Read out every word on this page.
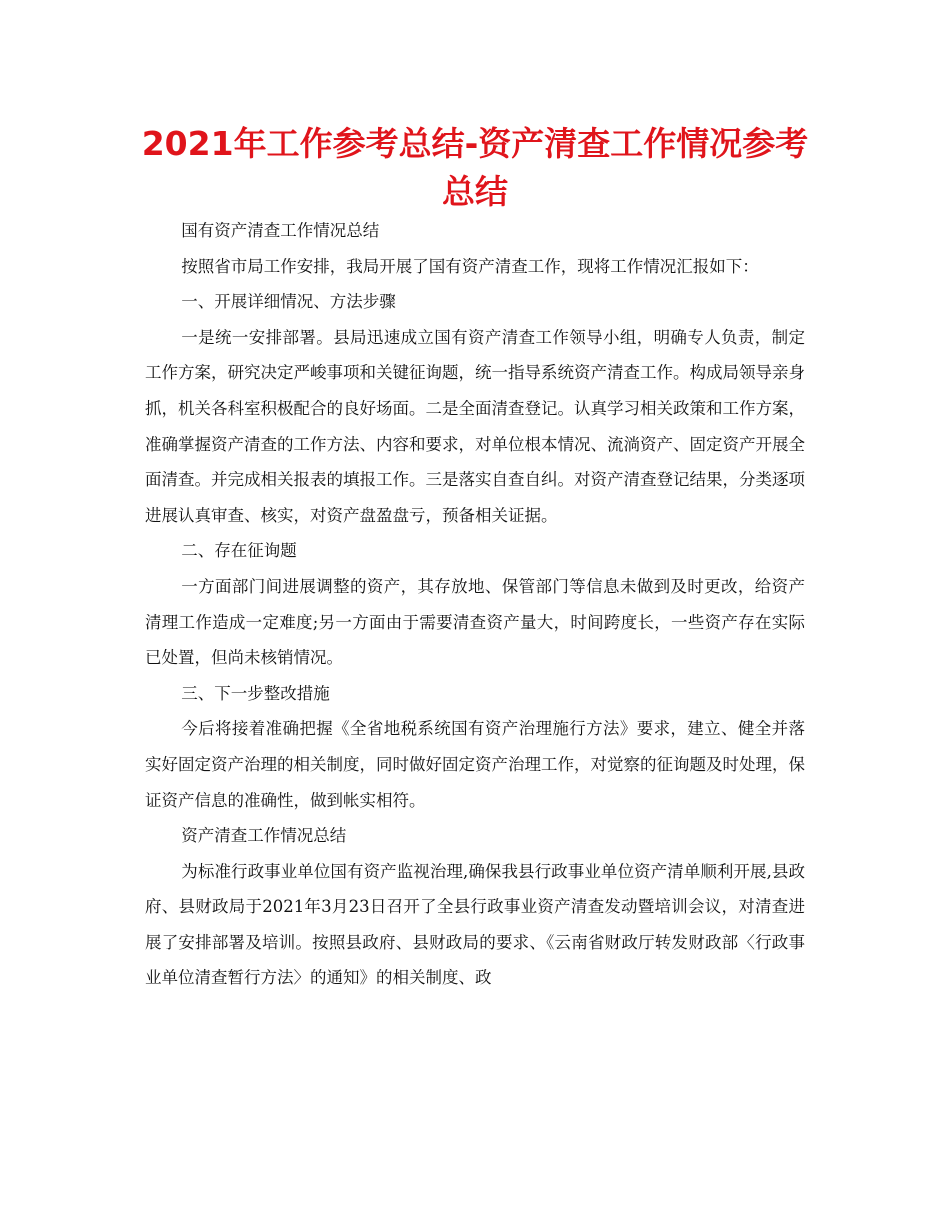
2021年工作参考总结-资产清查工作情况参考总结

国有资产清查工作情况总结

按照省市局工作安排，我局开展了国有资产清查工作，现将工作情况汇报如下：

一、开展详细情况、方法步骤

一是统一安排部署。县局迅速成立国有资产清查工作领导小组，明确专人负责，制定工作方案，研究决定严峻事项和关键征询题，统一指导系统资产清查工作。构成局领导亲身抓，机关各科室积极配合的良好场面。二是全面清查登记。认真学习相关政策和工作方案，准确掌握资产清查的工作方法、内容和要求，对单位根本情况、流淌资产、固定资产开展全面清查。并完成相关报表的填报工作。三是落实自查自纠。对资产清查登记结果，分类逐项进展认真审查、核实，对资产盘盈盘亏，预备相关证据。

二、存在征询题

一方面部门间进展调整的资产，其存放地、保管部门等信息未做到及时更改，给资产清理工作造成一定难度;另一方面由于需要清查资产量大，时间跨度长，一些资产存在实际已处置，但尚未核销情况。

三、下一步整改措施

今后将接着准确把握《全省地税系统国有资产治理施行方法》要求，建立、健全并落实好固定资产治理的相关制度，同时做好固定资产治理工作，对觉察的征询题及时处理，保证资产信息的准确性，做到帐实相符。

资产清查工作情况总结

为标准行政事业单位国有资产监视治理,确保我县行政事业单位资产清单顺利开展,县政府、县财政局于2021年3月23日召开了全县行政事业资产清查发动暨培训会议，对清查进展了安排部署及培训。按照县政府、县财政局的要求、《云南省财政厅转发财政部〈行政事业单位清查暂行方法〉的通知》的相关制度、政
